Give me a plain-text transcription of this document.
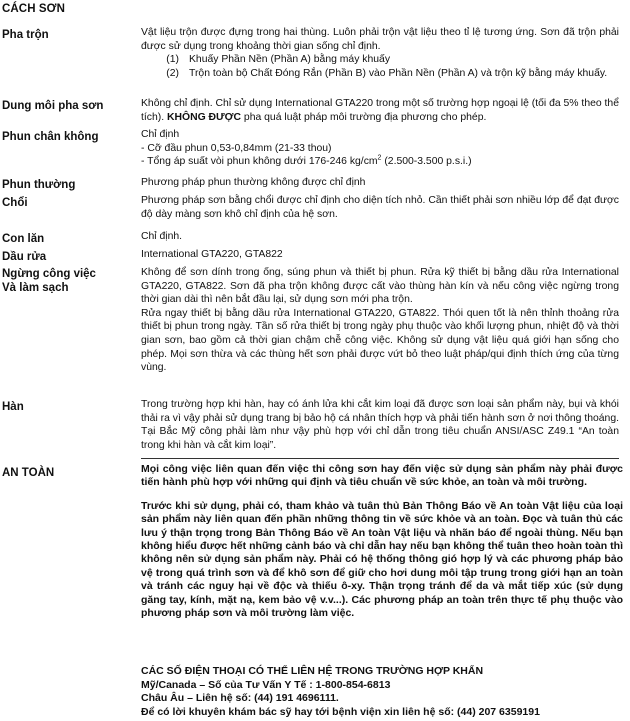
CÁCH SƠN
Pha trộn	Vật liệu trộn được đựng trong hai thùng. Luôn phải trộn vật liệu theo tỉ lệ tương ứng. Sơn đã trộn phải được sử dụng trong khoảng thời gian sống chỉ định.

(1) Khuấy Phần Nền (Phần A) bằng máy khuấy
(2) Trộn toàn bộ Chất Đóng Rắn (Phần B) vào Phần Nền (Phần A) và trộn kỹ bằng máy khuấy.
Dung môi pha sơn	Không chỉ định. Chỉ sử dụng International GTA220 trong một số trường hợp ngoại lệ (tối đa 5% theo thể tích). KHÔNG ĐƯỢC pha quá luật pháp môi trường địa phương cho phép.

Phun chân không	Chỉ định

- Cỡ đầu phun 0,53-0,84mm (21-33 thou)

- Tổng áp suất vòi phun không dưới 176-246 $kg/cm^2$ (2.500-3.500 p.s.i.)

Phun thường	Phương pháp phun thường không được chỉ định
Chổi	Phương pháp sơn bằng chổi được chỉ định cho diện tích nhỏ. Cần thiết phải sơn nhiều lớp để đạt được độ dày màng sơn khô chỉ định của hệ sơn.
Con lăn	Chỉ định.
Dầu rửa	International GTA220, GTA822
Ngừng công việc
Và làm sạch

Không để sơn dính trong ống, súng phun và thiết bị phun. Rửa kỹ thiết bị bằng dầu rửa International GTA220, GTA822. Sơn đã pha trộn không được cất vào thùng hàn kín và nếu công việc ngừng trong thời gian dài thì nên bắt đầu lại, sử dụng sơn mới pha trộn.

Rửa ngay thiết bị bằng dầu rửa International GTA220, GTA822. Thói quen tốt là nên thỉnh thoảng rửa thiết bị phun trong ngày. Tần số rửa thiết bị trong ngày phụ thuộc vào khối lượng phun, nhiệt độ và thời gian sơn, bao gồm cả thời gian chậm chễ công việc. Không sử dụng vật liệu quá giới hạn sống cho phép. Mọi sơn thừa và các thùng hết sơn phải được vứt bỏ theo luật pháp/qui định thích ứng của từng vùng.

Hàn	Trong trường hợp khi hàn, hay có ánh lửa khi cắt kim loại đã được sơn loại sản phẩm này, bụi và khói thải ra vì vậy phải sử dụng trang bị bảo hộ cá nhân thích hợp và phải tiến hành sơn ở nơi thông thoáng. Tại Bắc Mỹ công phải làm như vậy phù hợp với chỉ dẫn trong tiêu chuẩn ANSI/ASC Z49.1 “An toàn trong khi hàn và cắt kim loại”.
AN TOÀN	Mọi công việc liên quan đến việc thi công sơn hay đến việc sử dụng sản phẩm này phải được tiến hành phù hợp với những qui định và tiêu chuẩn về sức khỏe, an toàn và môi trường.

Trước khi sử dụng, phải có, tham khảo và tuân thủ Bản Thông Báo về An toàn Vật liệu của loại sản phẩm này liên quan đến phần những thông tin về sức khỏe và an toàn. Đọc và tuân thủ các lưu ý thận trọng trong Bản Thông Báo về An toàn Vật liệu và nhãn báo để ngoài thùng. Nếu bạn không hiểu được hết những cảnh báo và chỉ dẫn hay nếu bạn không thể tuân theo hoàn toàn thì không nên sử dụng sản phẩm này. Phải có hệ thống thông gió hợp lý và các phương pháp bảo vệ trong quá trình sơn và để khô sơn để giữ cho hơi dung môi tập trung trong giới hạn an toàn và tránh các nguy hại về độc và thiếu ô-xy. Thận trọng tránh để da và mắt tiếp xúc (sử dụng găng tay, kính, mặt nạ, kem bảo vệ v.v...). Các phương pháp an toàn trên thực tế phụ thuộc vào phương pháp sơn và môi trường làm việc.

CÁC SỐ ĐIỆN THOẠI CÓ THỂ LIÊN HỆ TRONG TRƯỜNG HỢP KHẨN
Mỹ/Canada – Số của Tư Vấn Y Tế : 1-800-854-6813
Châu Âu – Liên hệ số: (44) 191 4696111.
Để có lời khuyên khám bác sỹ hay tới bệnh viện xin liên hệ số: (44) 207 6359191
